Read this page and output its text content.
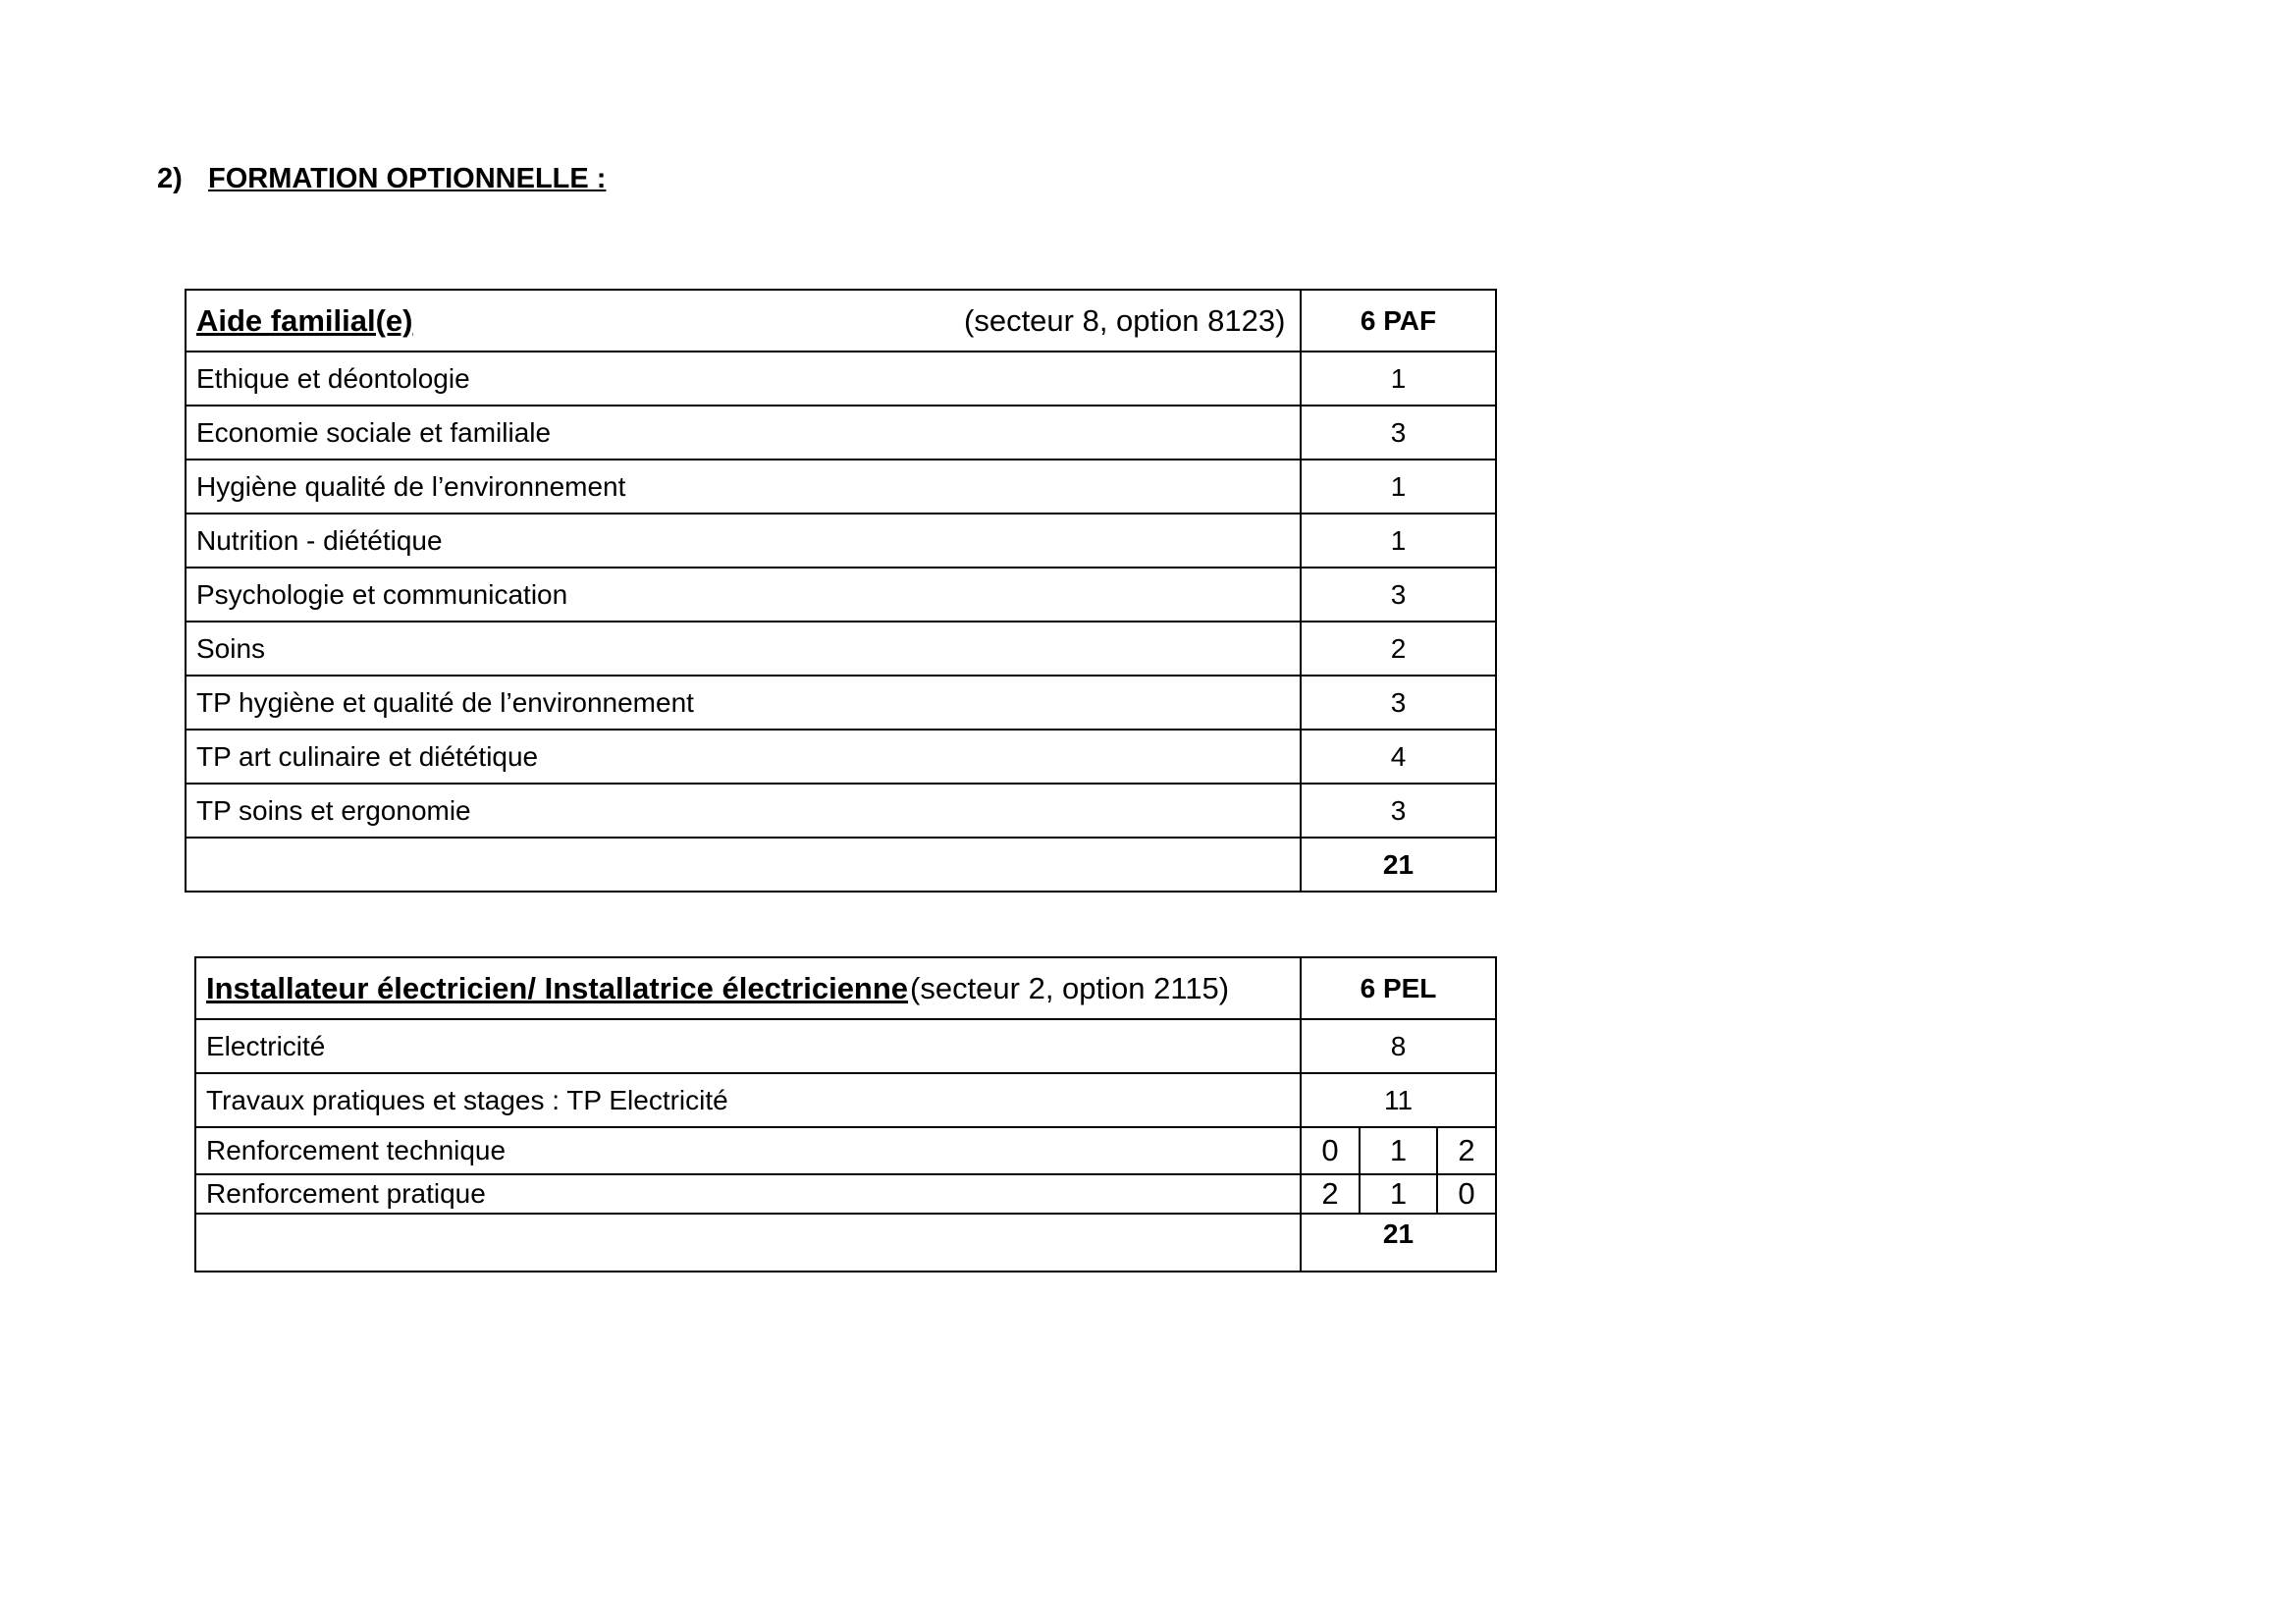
2) FORMATION OPTIONNELLE :
Aide familial(e) (secteur 8, option 8123)	6 PAF
Ethique et déontologie	1
Economie sociale et familiale	3
Hygiène qualité de l’environnement	1
Nutrition - diététique	1
Psychologie et communication	3
Soins	2
TP hygiène et qualité de l’environnement	3
TP art culinaire et diététique	4
TP soins et ergonomie	3
	21
Installateur électricien/ Installatrice électricienne (secteur 2, option 2115)	6 PEL		
Electricité	8		
Travaux pratiques et stages : TP Electricité	11		
Renforcement technique	0	1	2
Renforcement pratique	2	1	0
	21		
